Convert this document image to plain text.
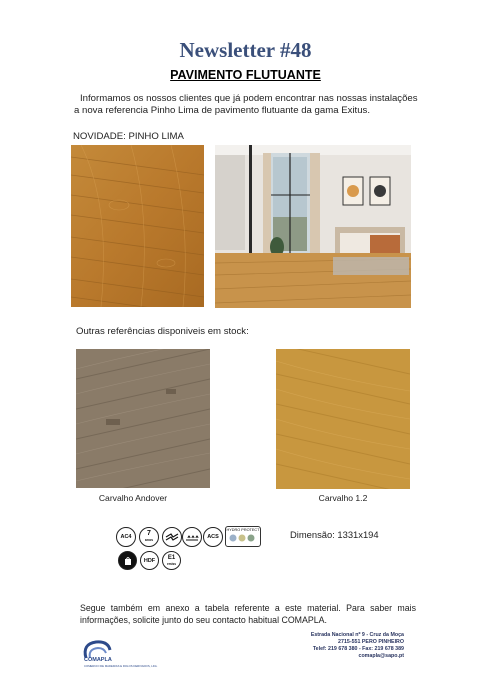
Newsletter #48
PAVIMENTO FLUTUANTE
Informamos os nossos clientes que já podem encontrar nas nossas instalações a nova referencia Pinho Lima de pavimento flutuante da gama Exitus.
NOVIDADE: PINHO LIMA
Outras referências disponiveis em stock:
Carvalho Andover	Carvalho 1.2
AC4 7
anos	ACS
HYDRO PROTECT
HDF E1
emiss
Dimensão: 1331x194
Segue também em anexo a tabela referente a este material. Para saber mais informações, solicite junto do seu contacto habitual COMAPLA.
COMAPLA
COMERCIO DE MADEIRAS E ROLOS DERIVADOS, LDA.
Estrada Nacional nº 9 - Cruz da Moça
2715-551 PERO PINHEIRO
Telef: 219 678 380 - Fax: 219 678 389
comapla@sapo.pt
